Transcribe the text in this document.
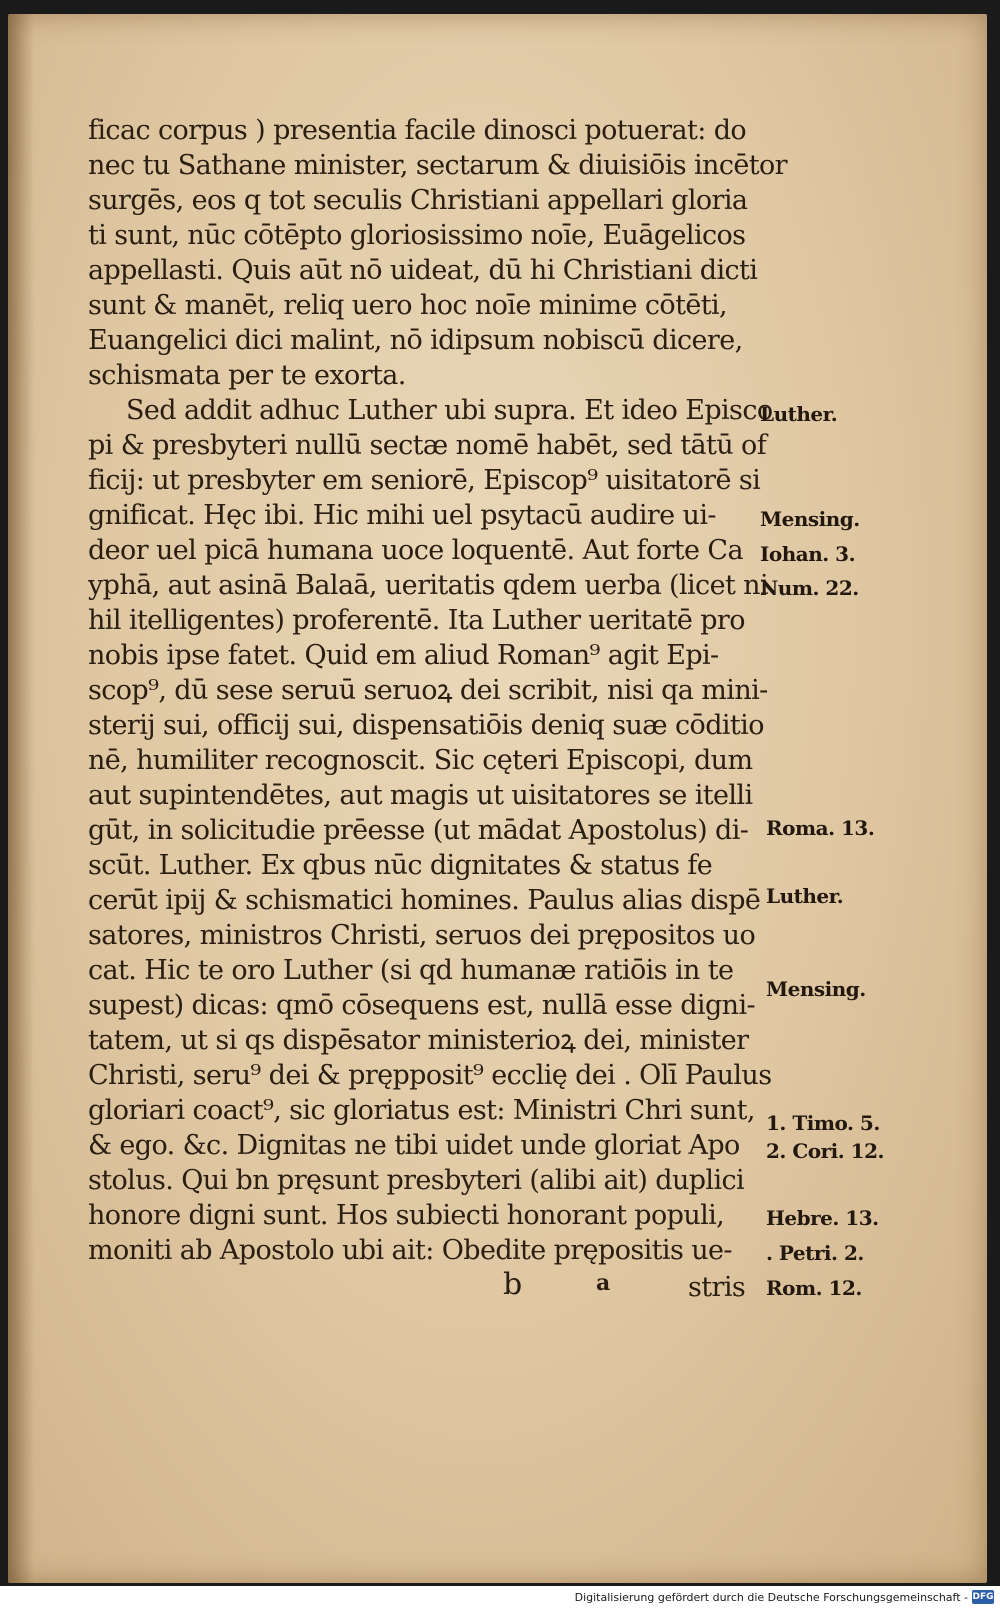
ficac corpus ) presentia facile dinosci potuerat: do
nec tu Sathane minister, sectarum & diuisiōis incētor
surgēs, eos q tot seculis Christiani appellari gloria
ti sunt, nūc cōtēpto gloriosissimo noīe, Euāgelicos
appellasti. Quis aūt nō uideat, dū hi Christiani dicti
sunt & manēt, reliq uero hoc noīe minime cōtēti,
Euangelici dici malint, nō idipsum nobiscū dicere,
schismata per te exorta.
Sed addit adhuc Luther ubi supra. Et ideo Episco
pi & presbyteri nullū sectæ nomē habēt, sed tātū of
ficij: ut presbyter em seniorē, Episcop⁹ uisitatorē si
gnificat. Hęc ibi. Hic mihi uel psytacū audire ui-
deor uel picā humana uoce loquentē. Aut forte Ca
yphā, aut asinā Balaā, ueritatis qdem uerba (licet ni
hil itelligentes) proferentē. Ita Luther ueritatē pro
nobis ipse fatet. Quid em aliud Roman⁹ agit Epi-
scop⁹, dū sese seruū seruoꝝ dei scribit, nisi qa mini-
sterij sui, officij sui, dispensatiōis deniq suæ cōditio
nē, humiliter recognoscit. Sic cęteri Episcopi, dum
aut supintendētes, aut magis ut uisitatores se itelli
gūt, in solicitudie prēesse (ut mādat Apostolus) di-
scūt. Luther. Ex qbus nūc dignitates & status fe
cerūt ipij & schismatici homines. Paulus alias dispē
satores, ministros Christi, seruos dei prępositos uo
cat. Hic te oro Luther (si qd humanæ ratiōis in te
supest) dicas: qmō cōsequens est, nullā esse digni-
tatem, ut si qs dispēsator ministerioꝝ dei, minister
Christi, seru⁹ dei & prępposit⁹ ecclię dei . Olī Paulus
gloriari coact⁹, sic gloriatus est: Ministri Chri sunt,
& ego. &c. Dignitas ne tibi uidet unde gloriat Apo
stolus. Qui bn pręsunt presbyteri (alibi ait) duplici
honore digni sunt. Hos subiecti honorant populi,
moniti ab Apostolo ubi ait: Obedite prępositis ue-
Luther.
Mensing.
Iohan. 3.
Num. 22.
Roma. 13.
Luther.
Mensing.
1. Timo. 5.
2. Cori. 12.
Hebre. 13.
. Petri. 2.
b	a	stris Rom. 12.
Digitalisierung gefördert durch die Deutsche Forschungsgemeinschaft - DFG
